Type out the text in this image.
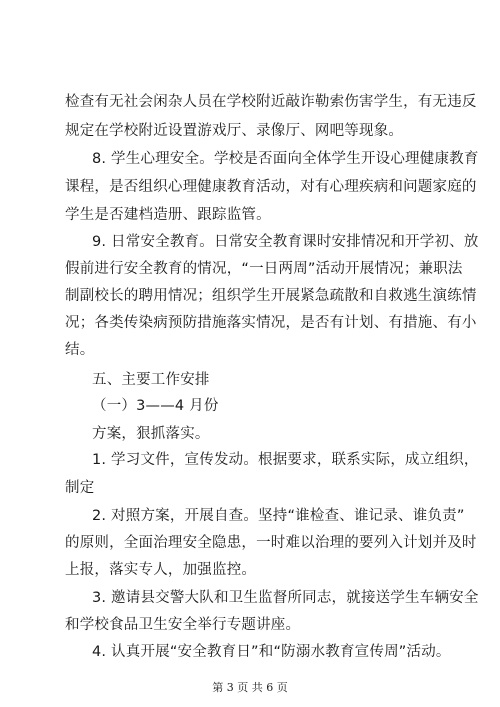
检查有无社会闲杂人员在学校附近敲诈勒索伤害学生，有无违反
规定在学校附近设置游戏厅、录像厅、网吧等现象。
8. 学生心理安全。学校是否面向全体学生开设心理健康教育
课程，是否组织心理健康教育活动，对有心理疾病和问题家庭的
学生是否建档造册、跟踪监管。
9. 日常安全教育。日常安全教育课时安排情况和开学初、放
假前进行安全教育的情况，“一日两周”活动开展情况；兼职法
制副校长的聘用情况；组织学生开展紧急疏散和自救逃生演练情
况；各类传染病预防措施落实情况，是否有计划、有措施、有小
结。
五、主要工作安排
（一）3——4 月份
方案，狠抓落实。
1. 学习文件，宣传发动。根据要求，联系实际，成立组织，
制定
2. 对照方案，开展自查。坚持“谁检查、谁记录、谁负责”
的原则，全面治理安全隐患，一时难以治理的要列入计划并及时
上报，落实专人，加强监控。
3. 邀请县交警大队和卫生监督所同志，就接送学生车辆安全
和学校食品卫生安全举行专题讲座。
4. 认真开展“安全教育日”和“防溺水教育宣传周”活动。
第 3 页 共 6 页
